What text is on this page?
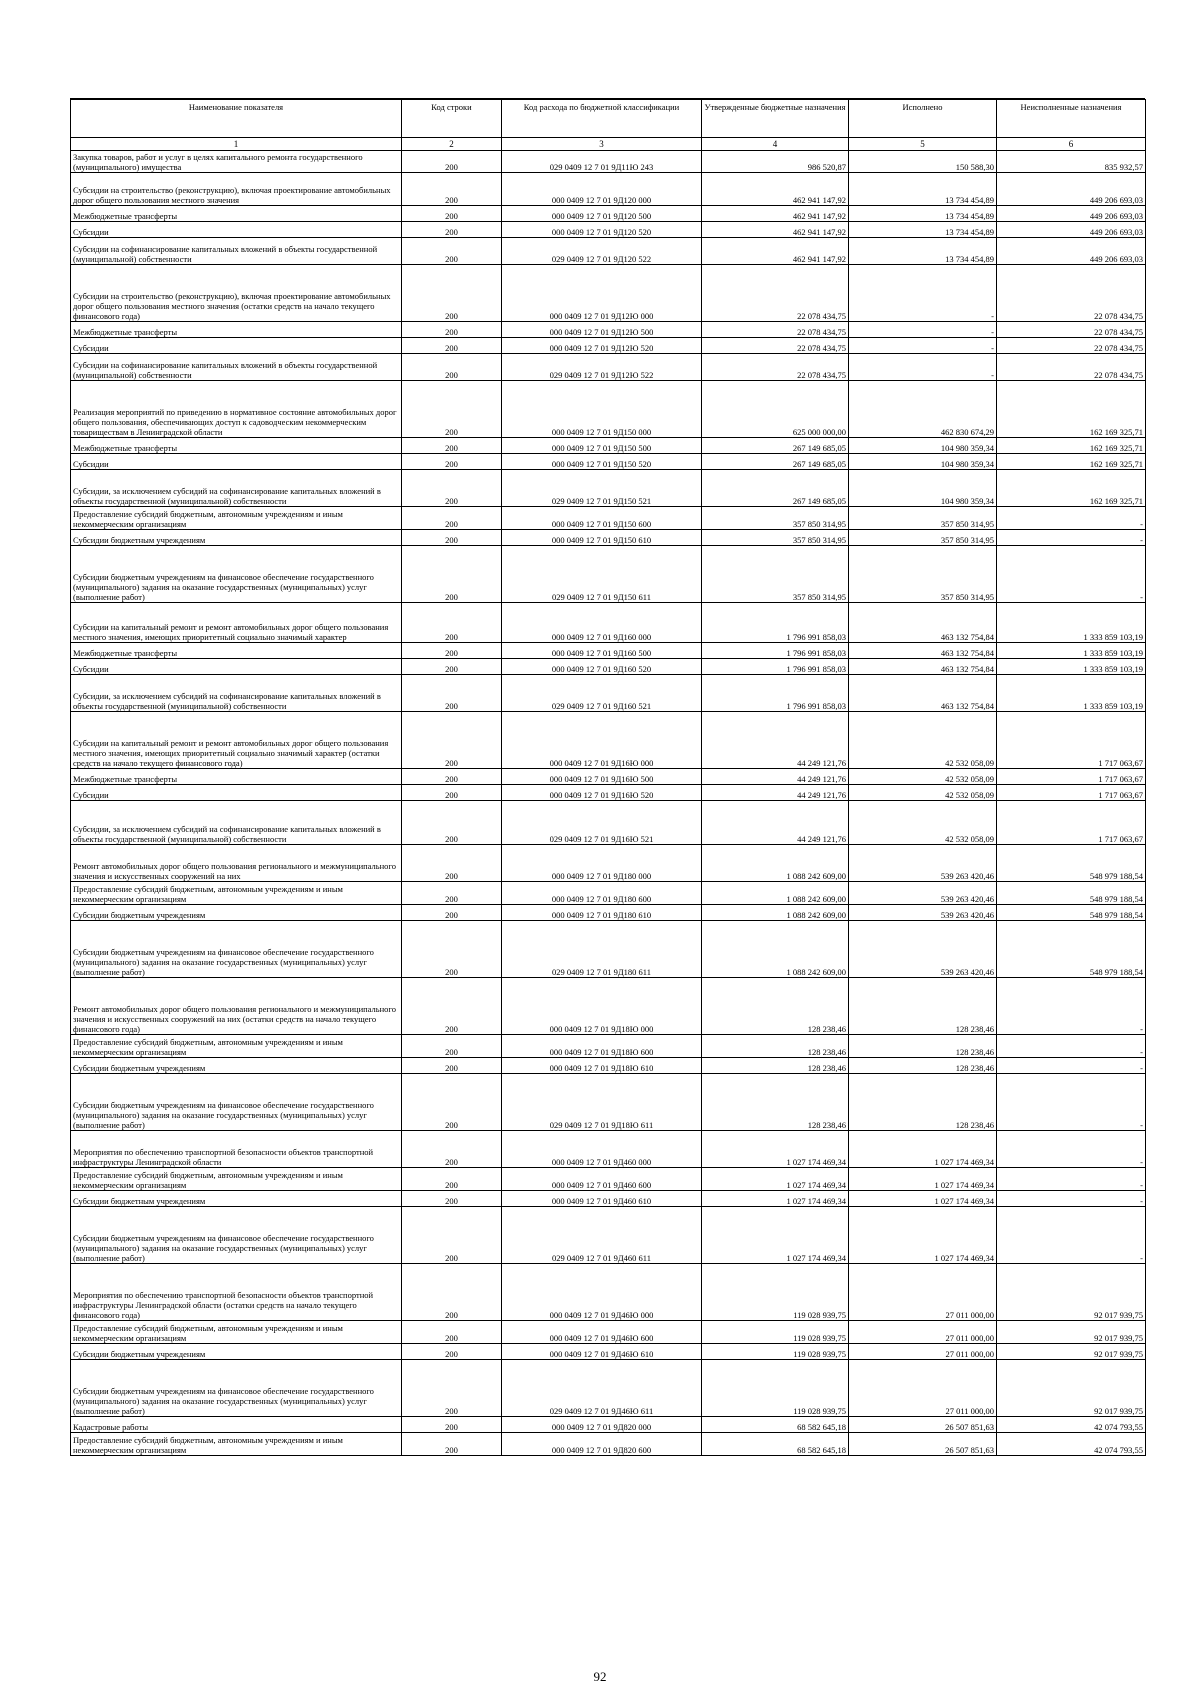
Наименование показателя	Код строки	Код расхода по бюджетной классификации	Утвержденные бюджетные назначения	Исполнено	Неисполненные назначения
1	2	3	4	5	6
Закупка товаров, работ и услуг в целях капитального ремонта государственного (муниципального) имущества	200	029 0409 12 7 01 9Д11Ю 243	986 520,87	150 588,30	835 932,57
Субсидии на строительство (реконструкцию), включая проектирование автомобильных дорог общего пользования местного значения	200	000 0409 12 7 01 9Д120 000	462 941 147,92	13 734 454,89	449 206 693,03
Межбюджетные трансферты	200	000 0409 12 7 01 9Д120 500	462 941 147,92	13 734 454,89	449 206 693,03
Субсидии	200	000 0409 12 7 01 9Д120 520	462 941 147,92	13 734 454,89	449 206 693,03
Субсидии на софинансирование капитальных вложений в объекты государственной (муниципальной) собственности	200	029 0409 12 7 01 9Д120 522	462 941 147,92	13 734 454,89	449 206 693,03
Субсидии на строительство (реконструкцию), включая проектирование автомобильных дорог общего пользования местного значения (остатки средств на начало текущего финансового года)	200	000 0409 12 7 01 9Д12Ю 000	22 078 434,75	-	22 078 434,75
Межбюджетные трансферты	200	000 0409 12 7 01 9Д12Ю 500	22 078 434,75	-	22 078 434,75
Субсидии	200	000 0409 12 7 01 9Д12Ю 520	22 078 434,75	-	22 078 434,75
Субсидии на софинансирование капитальных вложений в объекты государственной (муниципальной) собственности	200	029 0409 12 7 01 9Д12Ю 522	22 078 434,75	-	22 078 434,75
Реализация мероприятий по приведению в нормативное состояние автомобильных дорог общего пользования, обеспечивающих доступ к садоводческим некоммерческим товариществам в Ленинградской области	200	000 0409 12 7 01 9Д150 000	625 000 000,00	462 830 674,29	162 169 325,71
Межбюджетные трансферты	200	000 0409 12 7 01 9Д150 500	267 149 685,05	104 980 359,34	162 169 325,71
Субсидии	200	000 0409 12 7 01 9Д150 520	267 149 685,05	104 980 359,34	162 169 325,71
Субсидии, за исключением субсидий на софинансирование капитальных вложений в объекты государственной (муниципальной) собственности	200	029 0409 12 7 01 9Д150 521	267 149 685,05	104 980 359,34	162 169 325,71
Предоставление субсидий бюджетным, автономным учреждениям и иным некоммерческим организациям	200	000 0409 12 7 01 9Д150 600	357 850 314,95	357 850 314,95	-
Субсидии бюджетным учреждениям	200	000 0409 12 7 01 9Д150 610	357 850 314,95	357 850 314,95	-
Субсидии бюджетным учреждениям на финансовое обеспечение государственного (муниципального) задания на оказание государственных (муниципальных) услуг (выполнение работ)	200	029 0409 12 7 01 9Д150 611	357 850 314,95	357 850 314,95	-
Субсидии на капитальный ремонт и ремонт автомобильных дорог общего пользования местного значения, имеющих приоритетный социально значимый характер	200	000 0409 12 7 01 9Д160 000	1 796 991 858,03	463 132 754,84	1 333 859 103,19
Межбюджетные трансферты	200	000 0409 12 7 01 9Д160 500	1 796 991 858,03	463 132 754,84	1 333 859 103,19
Субсидии	200	000 0409 12 7 01 9Д160 520	1 796 991 858,03	463 132 754,84	1 333 859 103,19
Субсидии, за исключением субсидий на софинансирование капитальных вложений в объекты государственной (муниципальной) собственности	200	029 0409 12 7 01 9Д160 521	1 796 991 858,03	463 132 754,84	1 333 859 103,19
Субсидии на капитальный ремонт и ремонт автомобильных дорог общего пользования местного значения, имеющих приоритетный социально значимый характер (остатки средств на начало текущего финансового года)	200	000 0409 12 7 01 9Д16Ю 000	44 249 121,76	42 532 058,09	1 717 063,67
Межбюджетные трансферты	200	000 0409 12 7 01 9Д16Ю 500	44 249 121,76	42 532 058,09	1 717 063,67
Субсидии	200	000 0409 12 7 01 9Д16Ю 520	44 249 121,76	42 532 058,09	1 717 063,67
Субсидии, за исключением субсидий на софинансирование капитальных вложений в объекты государственной (муниципальной) собственности	200	029 0409 12 7 01 9Д16Ю 521	44 249 121,76	42 532 058,09	1 717 063,67
Ремонт автомобильных дорог общего пользования регионального и межмуниципального значения и искусственных сооружений на них	200	000 0409 12 7 01 9Д180 000	1 088 242 609,00	539 263 420,46	548 979 188,54
Предоставление субсидий бюджетным, автономным учреждениям и иным некоммерческим организациям	200	000 0409 12 7 01 9Д180 600	1 088 242 609,00	539 263 420,46	548 979 188,54
Субсидии бюджетным учреждениям	200	000 0409 12 7 01 9Д180 610	1 088 242 609,00	539 263 420,46	548 979 188,54
Субсидии бюджетным учреждениям на финансовое обеспечение государственного (муниципального) задания на оказание государственных (муниципальных) услуг (выполнение работ)	200	029 0409 12 7 01 9Д180 611	1 088 242 609,00	539 263 420,46	548 979 188,54
Ремонт автомобильных дорог общего пользования регионального и межмуниципального значения и искусственных сооружений на них (остатки средств на начало текущего финансового года)	200	000 0409 12 7 01 9Д18Ю 000	128 238,46	128 238,46	-
Предоставление субсидий бюджетным, автономным учреждениям и иным некоммерческим организациям	200	000 0409 12 7 01 9Д18Ю 600	128 238,46	128 238,46	-
Субсидии бюджетным учреждениям	200	000 0409 12 7 01 9Д18Ю 610	128 238,46	128 238,46	-
Субсидии бюджетным учреждениям на финансовое обеспечение государственного (муниципального) задания на оказание государственных (муниципальных) услуг (выполнение работ)	200	029 0409 12 7 01 9Д18Ю 611	128 238,46	128 238,46	-
Мероприятия по обеспечению транспортной безопасности объектов транспортной инфраструктуры Ленинградской области	200	000 0409 12 7 01 9Д460 000	1 027 174 469,34	1 027 174 469,34	-
Предоставление субсидий бюджетным, автономным учреждениям и иным некоммерческим организациям	200	000 0409 12 7 01 9Д460 600	1 027 174 469,34	1 027 174 469,34	-
Субсидии бюджетным учреждениям	200	000 0409 12 7 01 9Д460 610	1 027 174 469,34	1 027 174 469,34	-
Субсидии бюджетным учреждениям на финансовое обеспечение государственного (муниципального) задания на оказание государственных (муниципальных) услуг (выполнение работ)	200	029 0409 12 7 01 9Д460 611	1 027 174 469,34	1 027 174 469,34	-
Мероприятия по обеспечению транспортной безопасности объектов транспортной инфраструктуры Ленинградской области (остатки средств на начало текущего финансового года)	200	000 0409 12 7 01 9Д46Ю 000	119 028 939,75	27 011 000,00	92 017 939,75
Предоставление субсидий бюджетным, автономным учреждениям и иным некоммерческим организациям	200	000 0409 12 7 01 9Д46Ю 600	119 028 939,75	27 011 000,00	92 017 939,75
Субсидии бюджетным учреждениям	200	000 0409 12 7 01 9Д46Ю 610	119 028 939,75	27 011 000,00	92 017 939,75
Субсидии бюджетным учреждениям на финансовое обеспечение государственного (муниципального) задания на оказание государственных (муниципальных) услуг (выполнение работ)	200	029 0409 12 7 01 9Д46Ю 611	119 028 939,75	27 011 000,00	92 017 939,75
Кадастровые работы	200	000 0409 12 7 01 9Д820 000	68 582 645,18	26 507 851,63	42 074 793,55
Предоставление субсидий бюджетным, автономным учреждениям и иным некоммерческим организациям	200	000 0409 12 7 01 9Д820 600	68 582 645,18	26 507 851,63	42 074 793,55
92
